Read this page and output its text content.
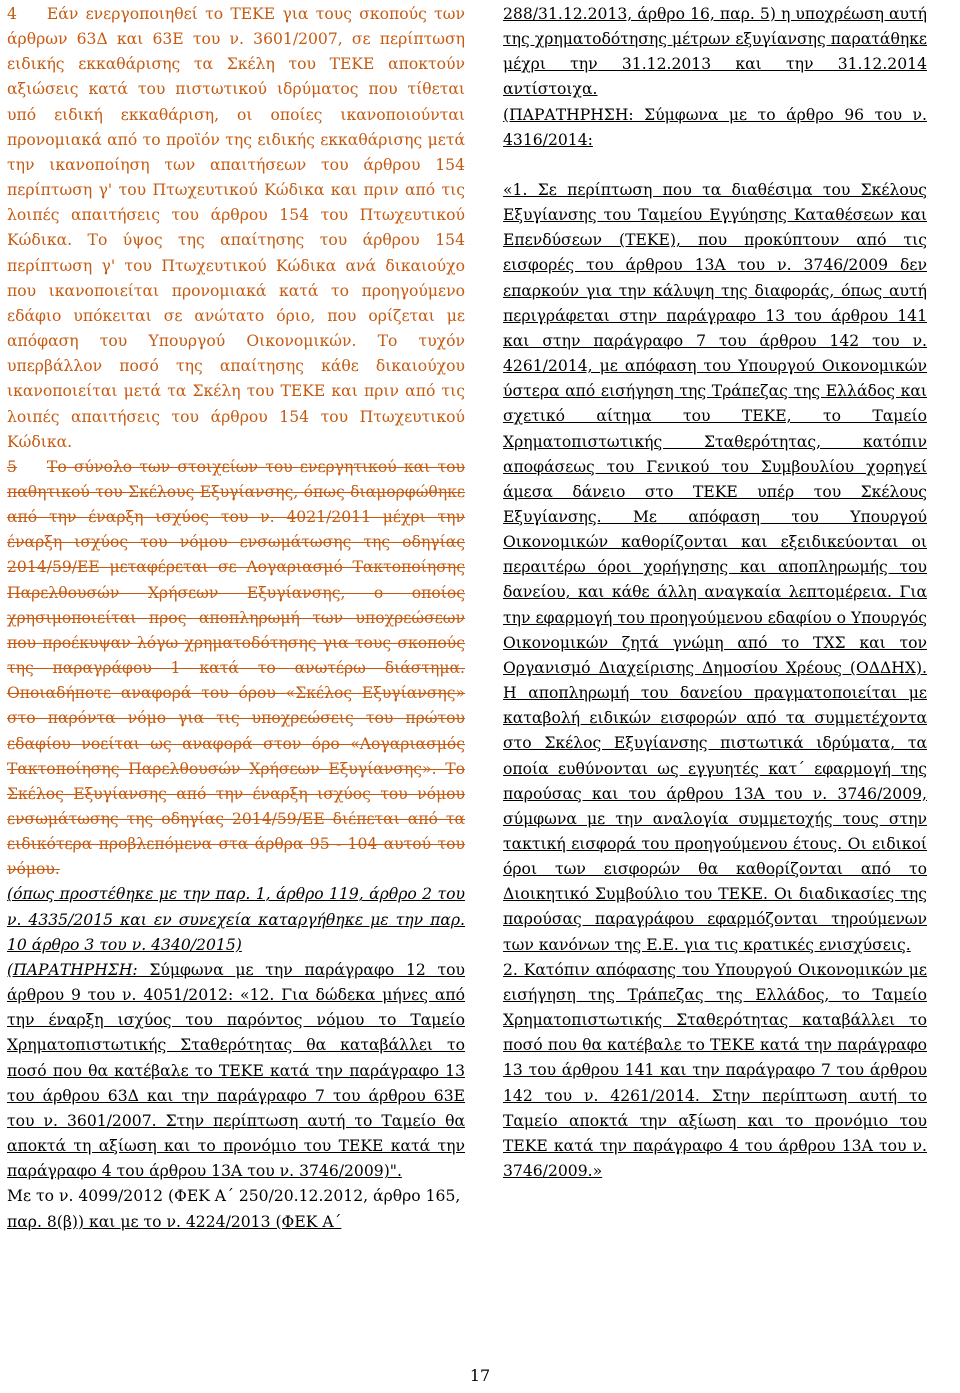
4 Εάν ενεργοποιηθεί το ΤΕΚΕ για τους σκοπούς των άρθρων 63Δ και 63Ε του ν. 3601/2007, σε περίπτωση ειδικής εκκαθάρισης τα Σκέλη του ΤΕΚΕ αποκτούν αξιώσεις κατά του πιστωτικού ιδρύματος που τίθεται υπό ειδική εκκαθάριση, οι οποίες ικανοποιούνται προνομιακά από το προϊόν της ειδικής εκκαθάρισης μετά την ικανοποίηση των απαιτήσεων του άρθρου 154 περίπτωση γ' του Πτωχευτικού Κώδικα και πριν από τις λοιπές απαιτήσεις του άρθρου 154 του Πτωχευτικού Κώδικα. Το ύψος της απαίτησης του άρθρου 154 περίπτωση γ' του Πτωχευτικού Κώδικα ανά δικαιούχο που ικανοποιείται προνομιακά κατά το προηγούμενο εδάφιο υπόκειται σε ανώτατο όριο, που ορίζεται με απόφαση του Υπουργού Οικονομικών. Το τυχόν υπερβάλλον ποσό της απαίτησης κάθε δικαιούχου ικανοποιείται μετά τα Σκέλη του ΤΕΚΕ και πριν από τις λοιπές απαιτήσεις του άρθρου 154 του Πτωχευτικού Κώδικα.

5 Το σύνολο των στοιχείων του ενεργητικού και του παθητικού του Σκέλους Εξυγίανσης, όπως διαμορφώθηκε από την έναρξη ισχύος του ν. 4021/2011 μέχρι την έναρξη ισχύος του νόμου ενσωμάτωσης της οδηγίας 2014/59/ΕΕ μεταφέρεται σε Λογαριασμό Τακτοποίησης Παρελθουσών Χρήσεων Εξυγίανσης, ο οποίος χρησιμοποιείται προς αποπληρωμή των υποχρεώσεων που προέκυψαν λόγω χρηματοδότησης για τους σκοπούς της παραγράφου 1 κατά το ανωτέρω διάστημα. Οποιαδήποτε αναφορά του όρου «Σκέλος Εξυγίανσης» στο παρόντα νόμο για τις υποχρεώσεις του πρώτου εδαφίου νοείται ως αναφορά στον όρο «Λογαριασμός Τακτοποίησης Παρελθουσών Χρήσεων Εξυγίανσης». Το Σκέλος Εξυγίανσης από την έναρξη ισχύος του νόμου ενσωμάτωσης της οδηγίας 2014/59/ΕΕ διέπεται από τα ειδικότερα προβλεπόμενα στα άρθρα 95 - 104 αυτού του νόμου.

(όπως προστέθηκε με την παρ. 1, άρθρο 119, άρθρο 2 του ν. 4335/2015 και εν συνεχεία καταργήθηκε με την παρ. 10 άρθρο 3 του ν. 4340/2015)

(ΠΑΡΑΤΗΡΗΣΗ: Σύμφωνα με την παράγραφο 12 του άρθρου 9 του ν. 4051/2012: «12. Για δώδεκα μήνες από την έναρξη ισχύος του παρόντος νόμου το Ταμείο Χρηματοπιστωτικής Σταθερότητας θα καταβάλλει το ποσό που θα κατέβαλε το ΤΕΚΕ κατά την παράγραφο 13 του άρθρου 63Δ και την παράγραφο 7 του άρθρου 63Ε του ν. 3601/2007. Στην περίπτωση αυτή το Ταμείο θα αποκτά τη αξίωση και το προνόμιο του ΤΕΚΕ κατά την παράγραφο 4 του άρθρου 13Α του ν. 3746/2009)".

Με το ν. 4099/2012 (ΦΕΚ Α΄ 250/20.12.2012, άρθρο 165,

παρ. 8(β)) και με το ν. 4224/2013 (ΦΕΚ Α΄

288/31.12.2013, άρθρο 16, παρ. 5) η υποχρέωση αυτή της χρηματοδότησης μέτρων εξυγίανσης παρατάθηκε μέχρι την 31.12.2013 και την 31.12.2014 αντίστοιχα.

(ΠΑΡΑΤΗΡΗΣΗ: Σύμφωνα με το άρθρο 96 του ν. 4316/2014:

«1. Σε περίπτωση που τα διαθέσιμα του Σκέλους Εξυγίανσης του Ταμείου Εγγύησης Καταθέσεων και Επενδύσεων (ΤΕΚΕ), που προκύπτουν από τις εισφορές του άρθρου 13Α του ν. 3746/2009 δεν επαρκούν για την κάλυψη της διαφοράς, όπως αυτή περιγράφεται στην παράγραφο 13 του άρθρου 141 και στην παράγραφο 7 του άρθρου 142 του ν. 4261/2014, με απόφαση του Υπουργού Οικονομικών ύστερα από εισήγηση της Τράπεζας της Ελλάδος και σχετικό αίτημα του ΤΕΚΕ, το Ταμείο Χρηματοπιστωτικής Σταθερότητας, κατόπιν αποφάσεως του Γενικού του Συμβουλίου χορηγεί άμεσα δάνειο στο ΤΕΚΕ υπέρ του Σκέλους Εξυγίανσης. Με απόφαση του Υπουργού Οικονομικών καθορίζονται και εξειδικεύονται οι περαιτέρω όροι χορήγησης και αποπληρωμής του δανείου, και κάθε άλλη αναγκαία λεπτομέρεια. Για την εφαρμογή του προηγούμενου εδαφίου ο Υπουργός Οικονομικών ζητά γνώμη από το ΤΧΣ και τον Οργανισμό Διαχείρισης Δημοσίου Χρέους (ΟΔΔΗΧ). Η αποπληρωμή του δανείου πραγματοποιείται με καταβολή ειδικών εισφορών από τα συμμετέχοντα στο Σκέλος Εξυγίανσης πιστωτικά ιδρύματα, τα οποία ευθύνονται ως εγγυητές κατ΄ εφαρμογή της παρούσας και του άρθρου 13Α του ν. 3746/2009, σύμφωνα με την αναλογία συμμετοχής τους στην τακτική εισφορά του προηγούμενου έτους. Οι ειδικοί όροι των εισφορών θα καθορίζονται από το Διοικητικό Συμβούλιο του ΤΕΚΕ. Οι διαδικασίες της παρούσας παραγράφου εφαρμόζονται τηρούμενων των κανόνων της Ε.Ε. για τις κρατικές ενισχύσεις.

2. Κατόπιν απόφασης του Υπουργού Οικονομικών με εισήγηση της Τράπεζας της Ελλάδος, το Ταμείο Χρηματοπιστωτικής Σταθερότητας καταβάλλει το ποσό που θα κατέβαλε το ΤΕΚΕ κατά την παράγραφο 13 του άρθρου 141 και την παράγραφο 7 του άρθρου 142 του ν. 4261/2014. Στην περίπτωση αυτή το Ταμείο αποκτά την αξίωση και το προνόμιο του ΤΕΚΕ κατά την παράγραφο 4 του άρθρου 13Α του ν. 3746/2009.»

17
